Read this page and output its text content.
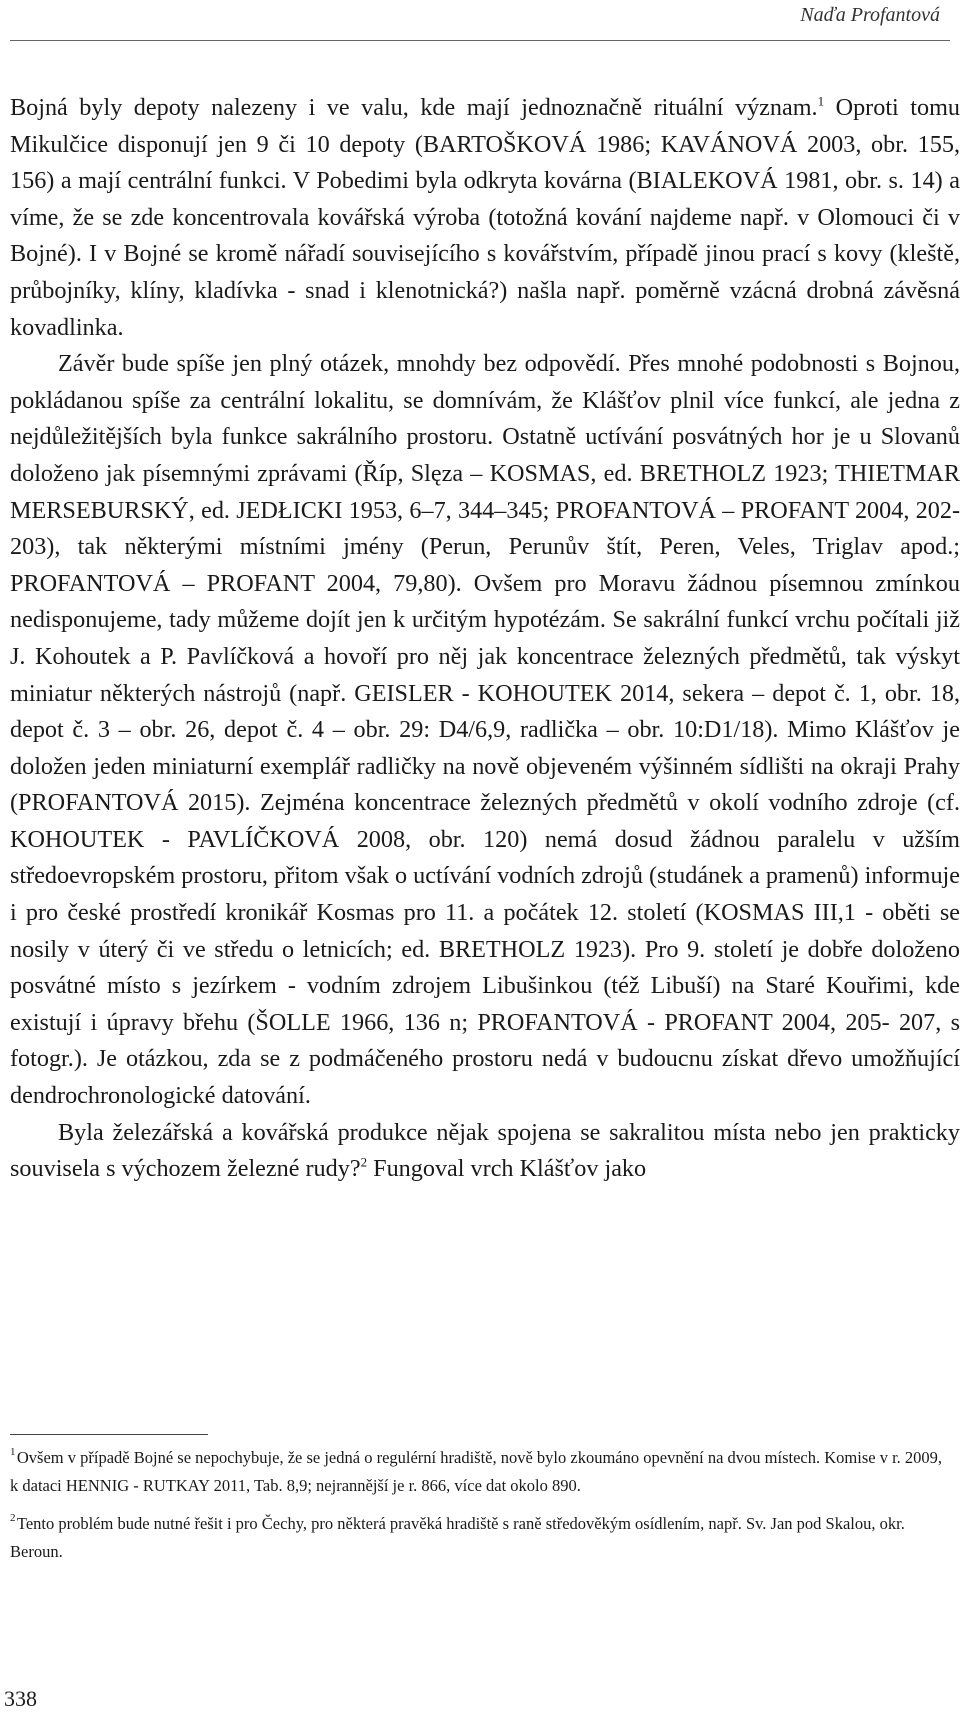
Naďa Profantová

Bojná byly depoty nalezeny i ve valu, kde mají jednoznačně rituální význam.$^1$ Oproti tomu Mikulčice disponují jen 9 či 10 depoty (BARTOŠKOVÁ 1986; KAVÁNOVÁ 2003, obr. 155, 156) a mají centrální funkci. V Pobedimi byla odkryta kovárna (BIALEKOVÁ 1981, obr. s. 14) a víme, že se zde koncentrovala kovářská výroba (totožná kování najdeme např. v Olomouci či v Bojné). I v Bojné se kromě nářadí souvisejícího s kovářstvím, případě jinou prací s kovy (kleště, průbojníky, klíny, kladívka - snad i klenotnická?) našla např. poměrně vzácná drobná závěsná kovadlinka.

Závěr bude spíše jen plný otázek, mnohdy bez odpovědí. Přes mnohé podobnosti s Bojnou, pokládanou spíše za centrální lokalitu, se domnívám, že Klášťov plnil více funkcí, ale jedna z nejdůležitějších byla funkce sakrálního prostoru. Ostatně uctívání posvátných hor je u Slovanů doloženo jak písemnými zprávami (Říp, Slęza – KOSMAS, ed. BRETHOLZ 1923; THIETMAR MERSEBURSKÝ, ed. JEDŁICKI 1953, 6–7, 344–345; PROFANTOVÁ – PROFANT 2004, 202-203), tak některými místními jmény (Perun, Perunův štít, Peren, Veles, Triglav apod.; PROFANTOVÁ – PROFANT 2004, 79,80). Ovšem pro Moravu žádnou písemnou zmínkou nedisponujeme, tady můžeme dojít jen k určitým hypotézám. Se sakrální funkcí vrchu počítali již J. Kohoutek a P. Pavlíčková a hovoří pro něj jak koncentrace železných předmětů, tak výskyt miniatur některých nástrojů (např. GEISLER - KOHOUTEK 2014, sekera – depot č. 1, obr. 18, depot č. 3 – obr. 26, depot č. 4 – obr. 29: D4/6,9, radlička – obr. 10:D1/18). Mimo Klášťov je doložen jeden miniaturní exemplář radličky na nově objeveném výšinném sídlišti na okraji Prahy (PROFANTOVÁ 2015). Zejména koncentrace železných předmětů v okolí vodního zdroje (cf. KOHOUTEK - PAVLÍČKOVÁ 2008, obr. 120) nemá dosud žádnou paralelu v užším středoevropském prostoru, přitom však o uctívání vodních zdrojů (studánek a pramenů) informuje i pro české prostředí kronikář Kosmas pro 11. a počátek 12. století (KOSMAS III,1 - oběti se nosily v úterý či ve středu o letnicích; ed. BRETHOLZ 1923). Pro 9. století je dobře doloženo posvátné místo s jezírkem - vodním zdrojem Libušinkou (též Libuší) na Staré Kouřimi, kde existují i úpravy břehu (ŠOLLE 1966, 136 n; PROFANTOVÁ - PROFANT 2004, 205- 207, s fotogr.). Je otázkou, zda se z podmáčeného prostoru nedá v budoucnu získat dřevo umožňující dendrochronologické datování.

Byla železářská a kovářská produkce nějak spojena se sakralitou místa nebo jen prakticky souvisela s výchozem železné rudy?$^2$ Fungoval vrch Klášťov jako

$^1$ Ovšem v případě Bojné se nepochybuje, že se jedná o regulérní hradiště, nově bylo zkoumáno opevnění na dvou místech. Komise v r. 2009, k dataci HENNIG - RUTKAY 2011, Tab. 8,9; nejrannější je r. 866, více dat okolo 890.

$^2$ Tento problém bude nutné řešit i pro Čechy, pro některá pravěká hradiště s raně středověkým osídlením, např. Sv. Jan pod Skalou, okr. Beroun.

338
